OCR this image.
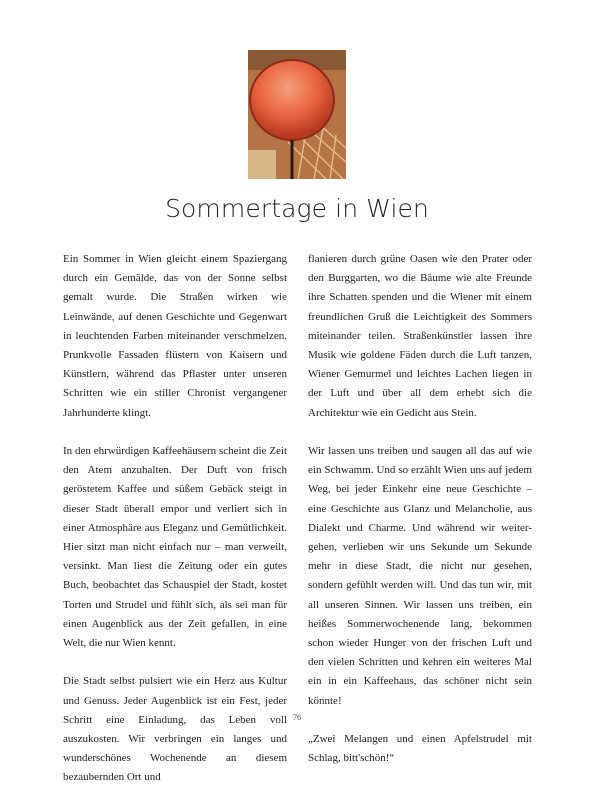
Sommertage in Wien

Ein Sommer in Wien gleicht einem Spaziergang durch ein Gemälde, das von der Sonne selbst gemalt wurde. Die Straßen wirken wie Leinwände, auf denen Geschichte und Gegenwart in leuchtenden Farben miteinander verschmelzen. Prunkvolle Fassaden flüstern von Kaisern und Künstlern, während das Pflaster unter unseren Schritten wie ein stiller Chronist vergangener Jahrhunderte klingt.

In den ehrwürdigen Kaffeehäusern scheint die Zeit den Atem anzuhalten. Der Duft von frisch geröstetem Kaffee und süßem Gebäck steigt in dieser Stadt überall empor und verliert sich in einer Atmosphäre aus Eleganz und Gemütlichkeit. Hier sitzt man nicht einfach nur – man verweilt, versinkt. Man liest die Zeitung oder ein gutes Buch, beobachtet das Schauspiel der Stadt, kostet Torten und Strudel und fühlt sich, als sei man für einen Augenblick aus der Zeit gefallen, in eine Welt, die nur Wien kennt.

Die Stadt selbst pulsiert wie ein Herz aus Kultur und Genuss. Jeder Augenblick ist ein Fest, jeder Schritt eine Einladung, das Leben voll auszukosten. Wir verbringen ein langes und wunderschönes Wochenende an diesem bezaubernden Ort und

flanieren durch grüne Oasen wie den Prater oder den Burggarten, wo die Bäume wie alte Freunde ihre Schatten spenden und die Wiener mit einem freundlichen Gruß die Leichtigkeit des Sommers miteinander teilen. Straßenkünstler lassen ihre Musik wie goldene Fäden durch die Luft tanzen, Wiener Gemurmel und leichtes Lachen liegen in der Luft und über all dem erhebt sich die Architektur wie ein Gedicht aus Stein.

Wir lassen uns treiben und saugen all das auf wie ein Schwamm. Und so erzählt Wien uns auf jedem Weg, bei jeder Einkehr eine neue Geschichte – eine Geschichte aus Glanz und Melancholie, aus Dialekt und Charme. Und während wir weiter-gehen, verlieben wir uns Sekunde um Sekunde mehr in diese Stadt, die nicht nur gesehen, sondern gefühlt werden will. Und das tun wir, mit all unseren Sinnen. Wir lassen uns treiben, ein heißes Sommerwochenende lang, bekommen schon wieder Hunger von der frischen Luft und den vielen Schritten und kehren ein weiteres Mal ein in ein Kaffeehaus, das schöner nicht sein könnte!

„Zwei Melangen und einen Apfelstrudel mit Schlag, bitt'schön!“

76
